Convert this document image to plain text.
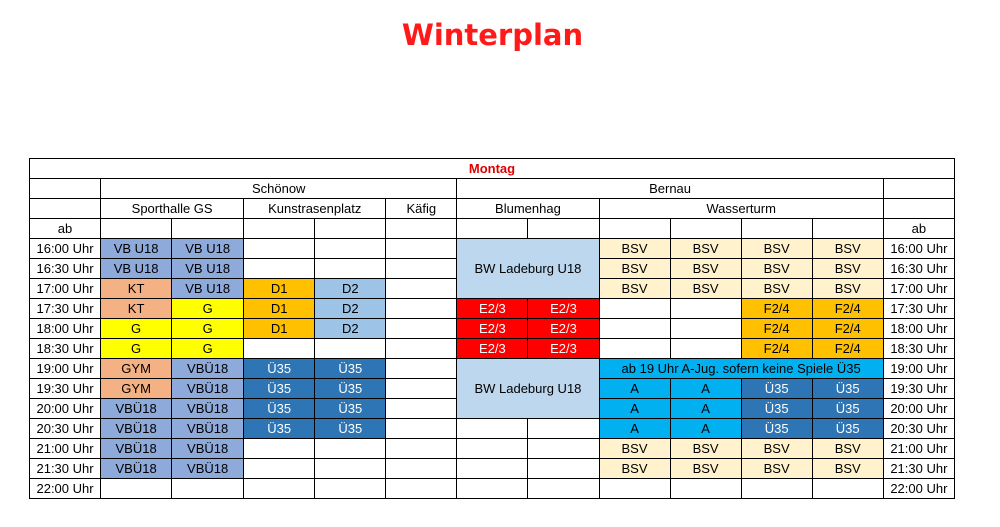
Winterplan
Montag												
	Schönow					Bernau						
	Sporthalle GS		Kunstrasenplatz		Käfig	Blumenhag		Wasserturm				
ab												ab
16:00 Uhr	VB U18	VB U18				BW Ladeburg U18		BSV	BSV	BSV	BSV	16:00 Uhr
16:30 Uhr	VB U18	VB U18						BSV	BSV	BSV	BSV	16:30 Uhr
17:00 Uhr	KT	VB U18	D1	D2				BSV	BSV	BSV	BSV	17:00 Uhr
17:30 Uhr	KT	G	D1	D2		E2/3	E2/3			F2/4	F2/4	17:30 Uhr
18:00 Uhr	G	G	D1	D2		E2/3	E2/3			F2/4	F2/4	18:00 Uhr
18:30 Uhr	G	G				E2/3	E2/3			F2/4	F2/4	18:30 Uhr
19:00 Uhr	GYM	VBÜ18	Ü35	Ü35		BW Ladeburg U18		ab 19 Uhr A-Jug. sofern keine Spiele Ü35				19:00 Uhr
19:30 Uhr	GYM	VBÜ18	Ü35	Ü35				A	A	Ü35	Ü35	19:30 Uhr
20:00 Uhr	VBÜ18	VBÜ18	Ü35	Ü35				A	A	Ü35	Ü35	20:00 Uhr
20:30 Uhr	VBÜ18	VBÜ18	Ü35	Ü35				A	A	Ü35	Ü35	20:30 Uhr
21:00 Uhr	VBÜ18	VBÜ18						BSV	BSV	BSV	BSV	21:00 Uhr
21:30 Uhr	VBÜ18	VBÜ18						BSV	BSV	BSV	BSV	21:30 Uhr
22:00 Uhr												22:00 Uhr
